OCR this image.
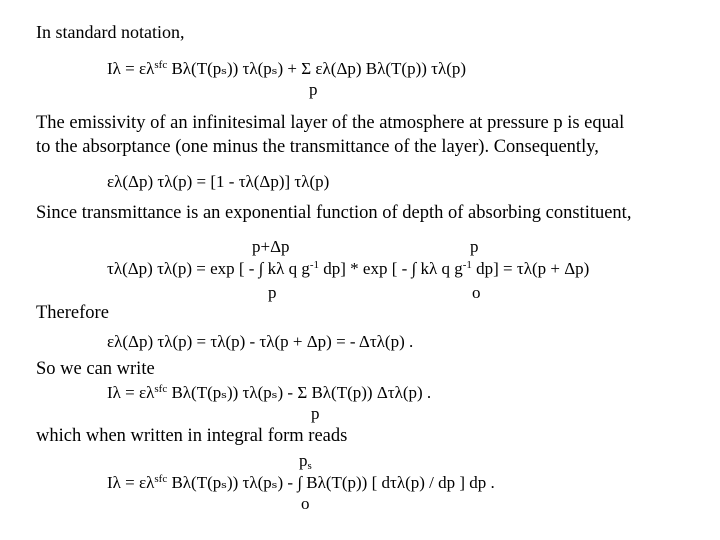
In standard notation,
$I\lambda = \varepsilon\lambda^{sfc}$ Bλ(T(pₛ)) τλ(pₛ) + Σ ελ(Δp) Bλ(T(p)) τλ(p)
p
The emissivity of an infinitesimal layer of the atmosphere at pressure p is equal
to the absorptance (one minus the transmittance of the layer). Consequently,
ελ(Δp) τλ(p) = [1 - τλ(Δp)] τλ(p)
Since transmittance is an exponential function of depth of absorbing constituent,
p+Δp	p
τλ(Δp) τλ(p) = exp [ - ∫ kλ q $g^{-1}$ dp] * exp [ - ∫ kλ q $g^{-1}$ dp] = τλ(p + Δp)
p	o
Therefore
ελ(Δp) τλ(p) = τλ(p) - τλ(p + Δp) = - Δτλ(p) .
So we can write
$I\lambda = \varepsilon\lambda^{sfc}$ Bλ(T(pₛ)) τλ(pₛ) - Σ Bλ(T(p)) Δτλ(p) .
p
which when written in integral form reads
$p_s$
$I\lambda = \varepsilon\lambda^{sfc}$ Bλ(T(pₛ)) τλ(pₛ) - ∫ Bλ(T(p)) [ dτλ(p) / dp ] dp .
o
